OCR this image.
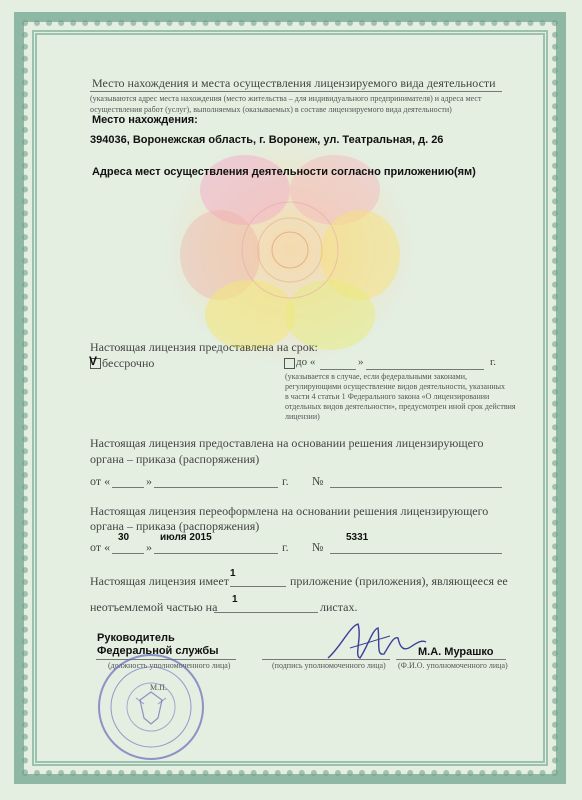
Место нахождения и места осуществления лицензируемого вида деятельности
(указываются адрес места нахождения (место жительства – для индивидуального предпринимателя) и адреса мест
осуществления работ (услуг), выполняемых (оказываемых) в составе лицензируемого вида деятельности)
Место нахождения:
394036, Воронежская область, г. Воронеж, ул. Театральная, д. 26
Адреса мест осуществления деятельности согласно приложению(ям)
Настоящая лицензия предоставлена на срок:
V бессрочно	до «	»	г.
(указывается в случае, если федеральными законами,
регулирующими осуществление видов деятельности, указанных
в части 4 статьи 1 Федерального закона «О лицензировании
отдельных видов деятельности», предусмотрен иной срок действия
лицензии)
Настоящая лицензия предоставлена на основании решения лицензирующего
органа – приказа (распоряжения)
от «	»	г. №
Настоящая лицензия переоформлена на основании решения лицензирующего
органа – приказа (распоряжения)
от «
30
»
июля 2015
г. №
5331
Настоящая лицензия имеет
1
приложение (приложения), являющееся ее
неотъемлемой частью на
1
листах.
Руководитель
Федеральной службы
(должность уполномоченного лица)	(подпись уполномоченного лица)
М.А. Мурашко
(Ф.И.О. уполномоченного лица)
М.П.
